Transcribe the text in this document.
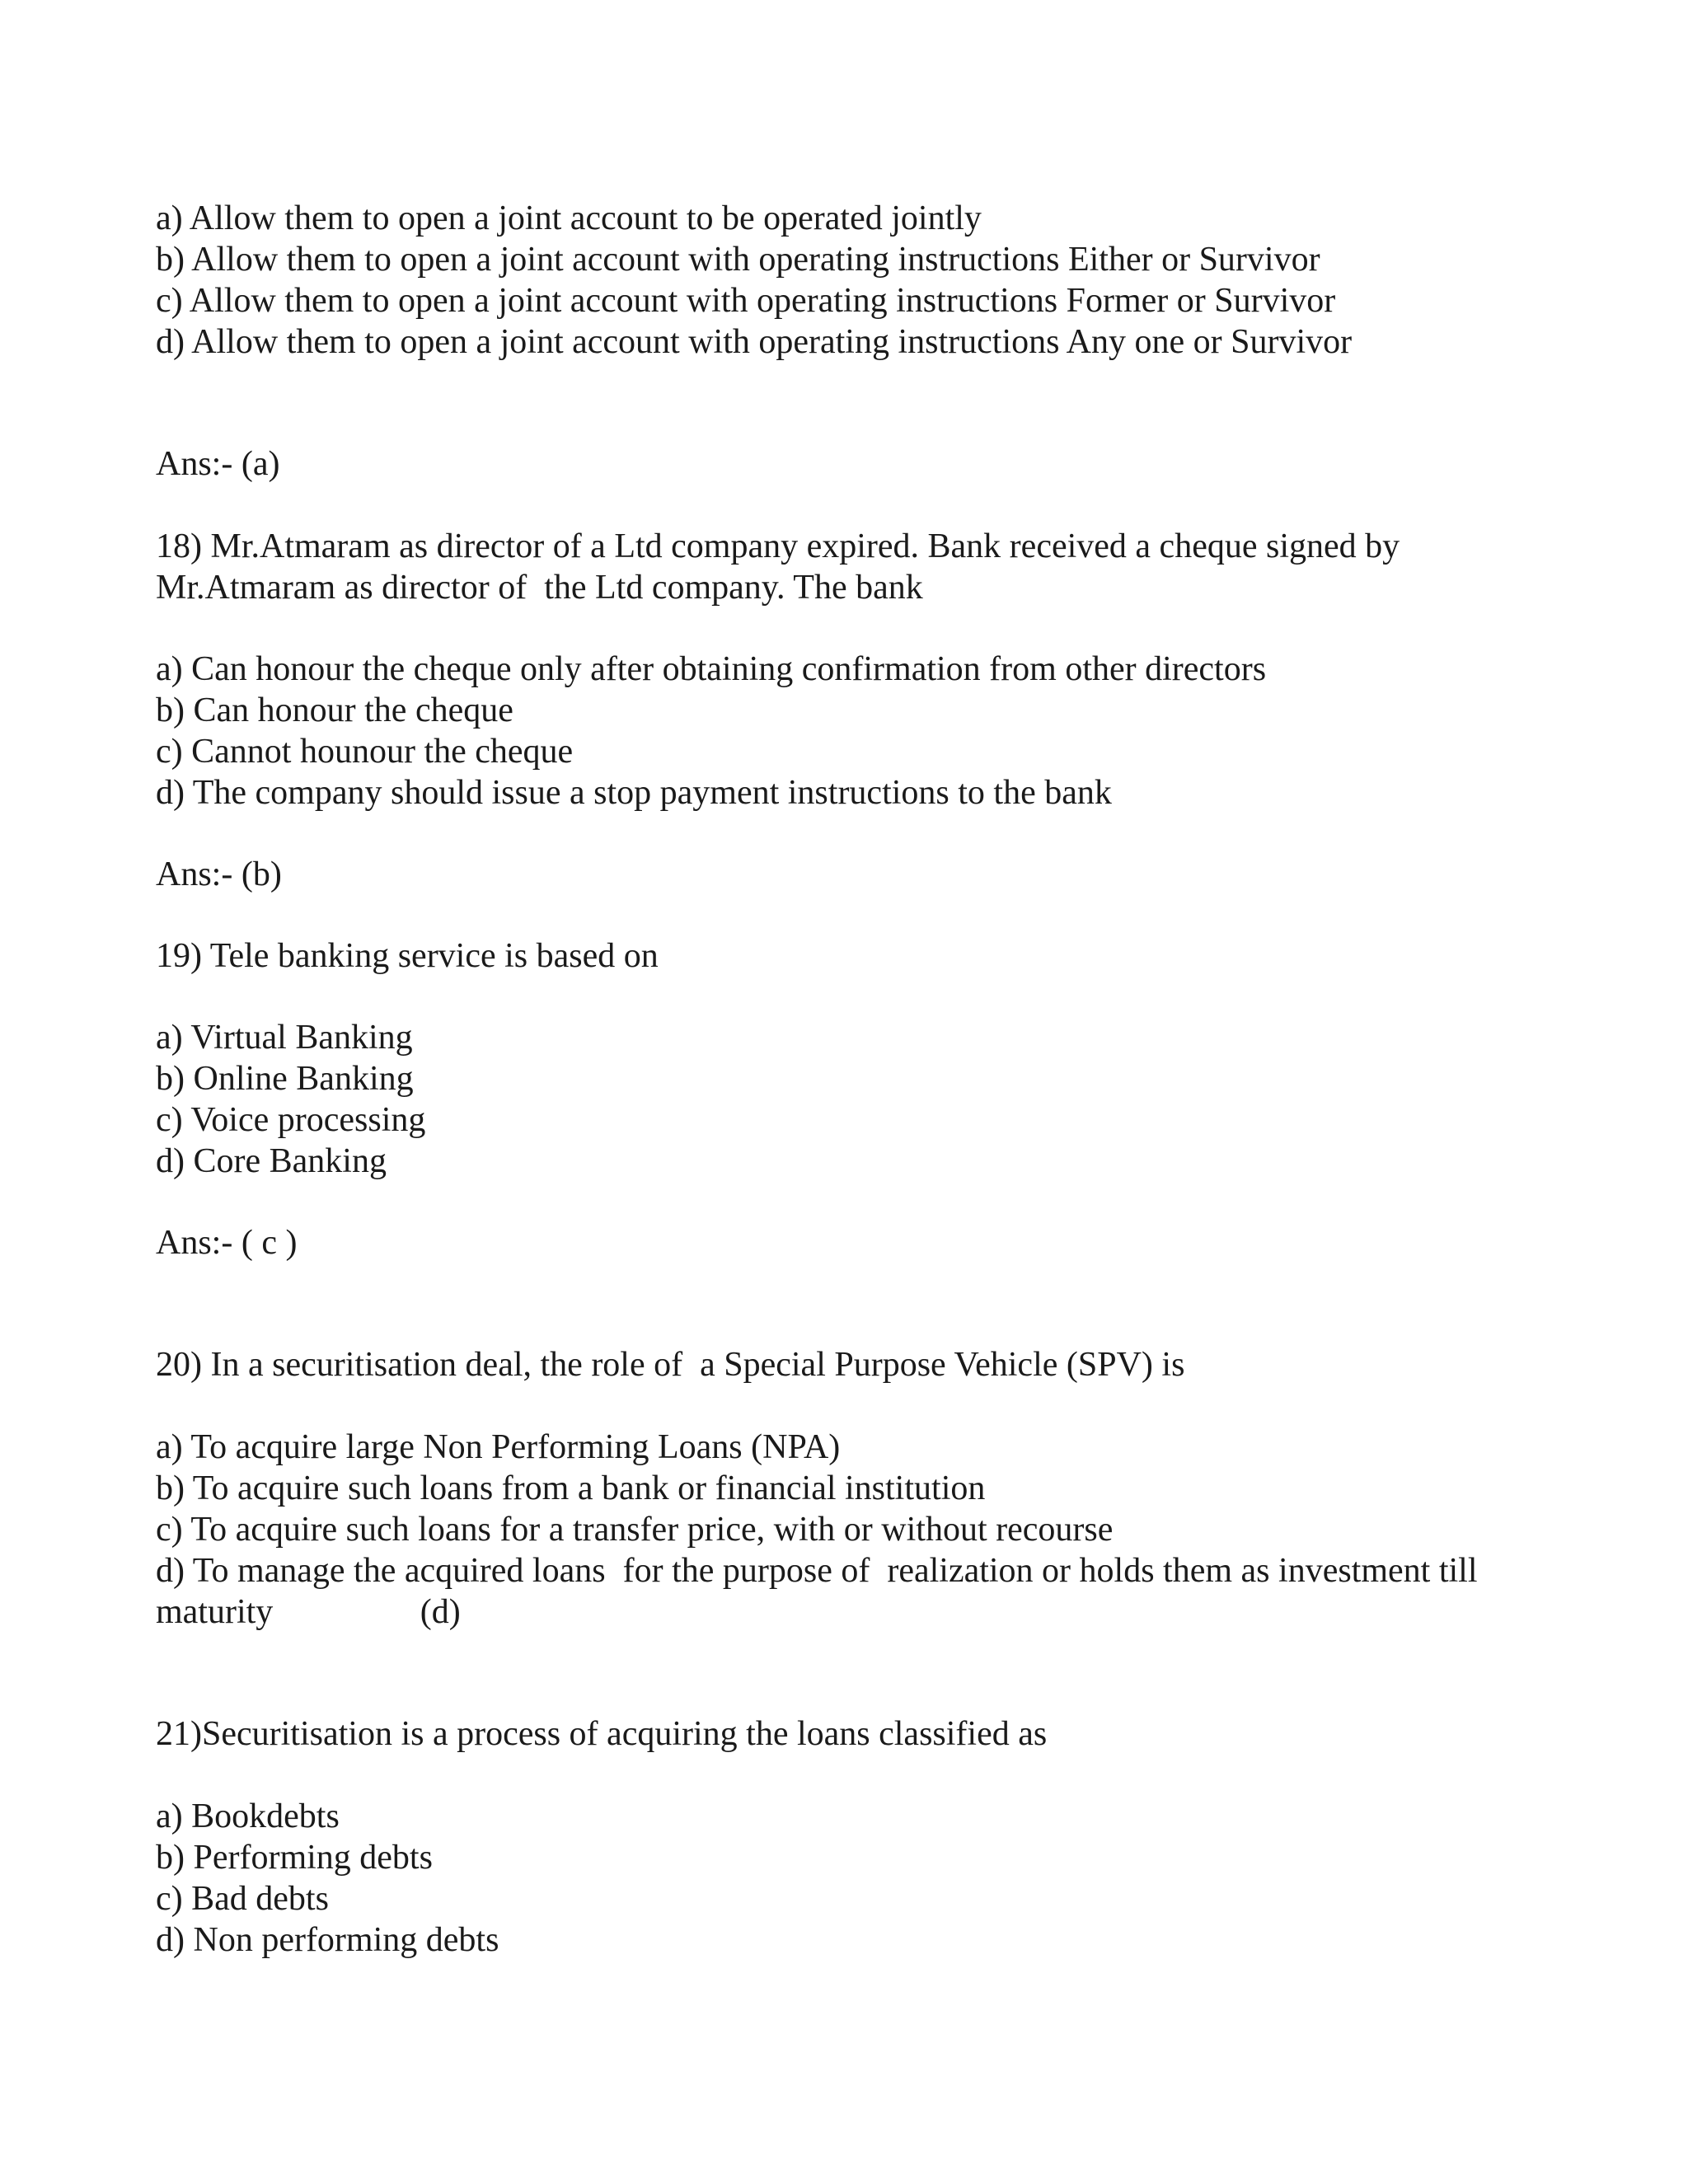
a) Allow them to open a joint account to be operated jointly
b) Allow them to open a joint account with operating instructions Either or Survivor
c) Allow them to open a joint account with operating instructions Former or Survivor
d) Allow them to open a joint account with operating instructions Any one or Survivor
Ans:- (a)
18) Mr.Atmaram as director of a Ltd company expired. Bank received a cheque signed by
Mr.Atmaram as director of  the Ltd company. The bank
a) Can honour the cheque only after obtaining confirmation from other directors
b) Can honour the cheque
c) Cannot hounour the cheque
d) The company should issue a stop payment instructions to the bank
Ans:- (b)
19) Tele banking service is based on
a) Virtual Banking
b) Online Banking
c) Voice processing
d) Core Banking
Ans:- ( c )
20) In a securitisation deal, the role of  a Special Purpose Vehicle (SPV) is
a) To acquire large Non Performing Loans (NPA)
b) To acquire such loans from a bank or financial institution
c) To acquire such loans for a transfer price, with or without recourse
d) To manage the acquired loans  for the purpose of  realization or holds them as investment till
maturity                 (d)
21)Securitisation is a process of acquiring the loans classified as
a) Bookdebts
b) Performing debts
c) Bad debts
d) Non performing debts
